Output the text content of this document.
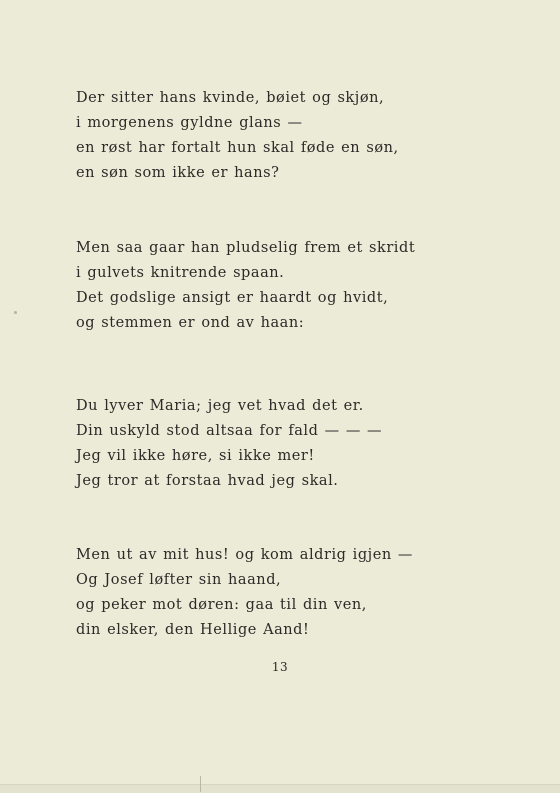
Der sitter hans kvinde, bøiet og skjøn,
i morgenens gyldne glans —
en røst har fortalt hun skal føde en søn,
en søn som ikke er hans?
Men saa gaar han pludselig frem et skridt
i gulvets knitrende spaan.
Det godslige ansigt er haardt og hvidt,
og stemmen er ond av haan:
Du lyver Maria; jeg vet hvad det er.
Din uskyld stod altsaa for fald — — —
Jeg vil ikke høre, si ikke mer!
Jeg tror at forstaa hvad jeg skal.
Men ut av mit hus! og kom aldrig igjen —
Og Josef løfter sin haand,
og peker mot døren: gaa til din ven,
din elsker, den Hellige Aand!
13
